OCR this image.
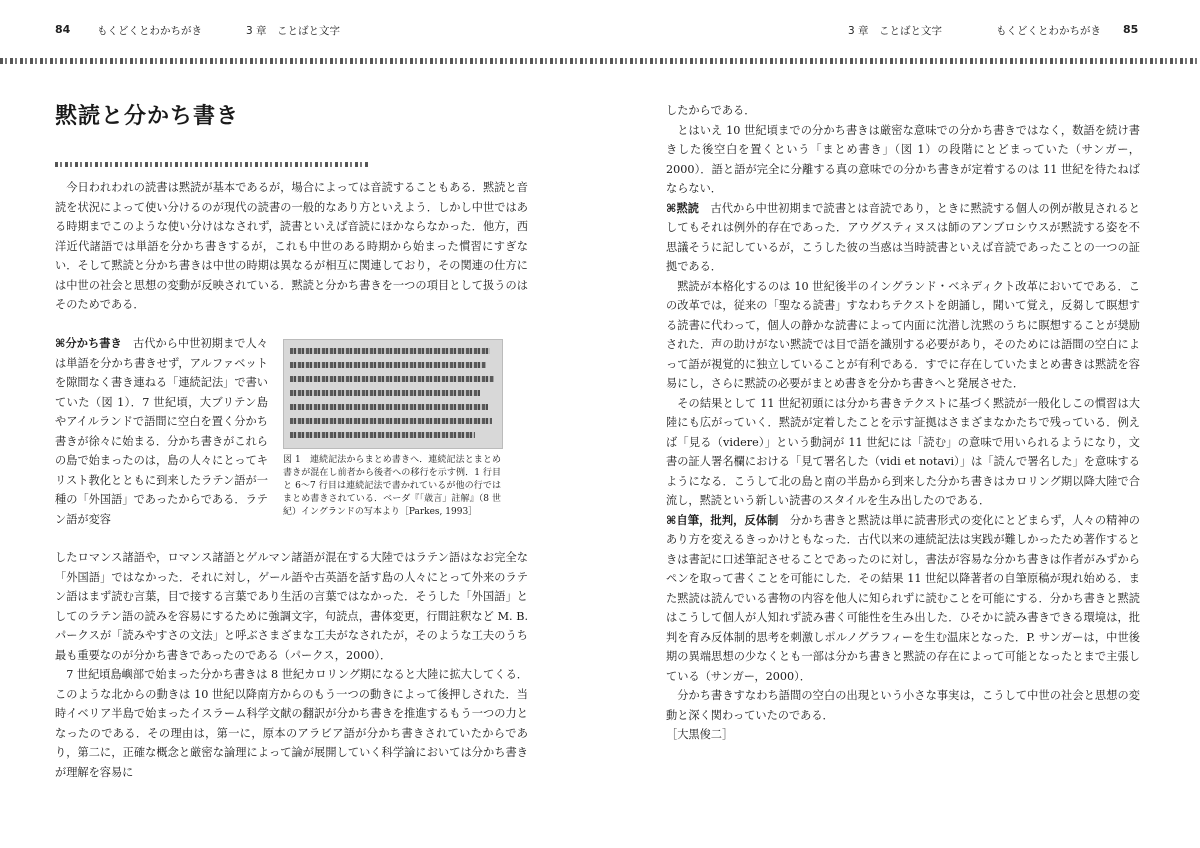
84	もくどくとわかちがき	3 章　ことばと文字	3 章　ことばと文字	もくどくとわかちがき 85
黙読と分かち書き

今日われわれの読書は黙読が基本であるが，場合によっては音読することもある．黙読と音読を状況によって使い分けるのが現代の読書の一般的なあり方といえよう．しかし中世ではある時期までこのような使い分けはなされず，読書といえば音読にほかならなかった．他方，西洋近代諸語では単語を分かち書きするが，これも中世のある時期から始まった慣習にすぎない．そして黙読と分かち書きは中世の時期は異なるが相互に関連しており，その関連の仕方には中世の社会と思想の変動が反映されている．黙読と分かち書きを一つの項目として扱うのはそのためである．

⌘分かち書き　 古代から中世初期まで人々は単語を分かち書きせず，アルファベットを隙間なく書き連ねる「連続記法」で書いていた（図 1）．7 世紀頃，大ブリテン島やアイルランドで語間に空白を置く分かち書きが徐々に始まる．分かち書きがこれらの島で始まったのは，島の人々にとってキリスト教化とともに到来したラテン語が一種の「外国語」であったからである．ラテン語が変容

したロマンス諸語や，ロマンス諸語とゲルマン諸語が混在する大陸ではラテン語はなお完全な「外国語」ではなかった．それに対し，ゲール語や古英語を話す島の人々にとって外来のラテン語はまず読む言葉，目で接する言葉であり生活の言葉ではなかった．そうした「外国語」としてのラテン語の読みを容易にするために強調文字，句読点，書体変更，行間註釈など M. B. パークスが「読みやすさの文法」と呼ぶさまざまな工夫がなされたが，そのような工夫のうち最も重要なのが分かち書きであったのである（パークス，2000）．

7 世紀頃島嶼部で始まった分かち書きは 8 世紀カロリング期になると大陸に拡大してくる．このような北からの動きは 10 世紀以降南方からのもう一つの動きによって後押しされた．当時イベリア半島で始まったイスラーム科学文献の翻訳が分かち書きを推進するもう一つの力となったのである．その理由は，第一に，原本のアラビア語が分かち書きされていたからであり，第二に，正確な概念と厳密な論理によって論が展開していく科学論においては分かち書きが理解を容易に

図 1　連続記法からまとめ書きへ．連続記法とまとめ書きが混在し前者から後者への移行を示す例．1 行目と 6〜7 行目は連続記法で書かれているが他の行ではまとめ書きされている．ベーダ『「歳言」註解』（8 世紀）イングランドの写本より［Parkes, 1993］

したからである．

とはいえ 10 世紀頃までの分かち書きは厳密な意味での分かち書きではなく，数語を続け書きした後空白を置くという「まとめ書き」（図 1）の段階にとどまっていた（サンガー，2000）．語と語が完全に分離する真の意味での分かち書きが定着するのは 11 世紀を待たねばならない．

⌘黙読　 古代から中世初期まで読書とは音読であり，ときに黙読する個人の例が散見されるとしてもそれは例外的存在であった．アウグスティヌスは師のアンブロシウスが黙読する姿を不思議そうに記しているが，こうした彼の当惑は当時読書といえば音読であったことの一つの証拠である．

黙読が本格化するのは 10 世紀後半のイングランド・ベネディクト改革においてである．この改革では，従来の「聖なる読書」すなわちテクストを朗誦し，聞いて覚え，反芻して瞑想する読書に代わって，個人の静かな読書によって内面に沈潜し沈黙のうちに瞑想することが奨励された．声の助けがない黙読では目で語を識別する必要があり，そのためには語間の空白によって語が視覚的に独立していることが有利である．すでに存在していたまとめ書きは黙読を容易にし，さらに黙読の必要がまとめ書きを分かち書きへと発展させた．

その結果として 11 世紀初頭には分かち書きテクストに基づく黙読が一般化しこの慣習は大陸にも広がっていく．黙読が定着したことを示す証拠はさまざまなかたちで残っている．例えば「見る（videre）」という動詞が 11 世紀には「読む」の意味で用いられるようになり，文書の証人署名欄における「見て署名した（vidi et notavi）」は「読んで署名した」を意味するようになる．こうして北の島と南の半島から到来した分かち書きはカロリング期以降大陸で合流し，黙読という新しい読書のスタイルを生み出したのである．

⌘自筆，批判，反体制　 分かち書きと黙読は単に読書形式の変化にとどまらず，人々の精神のあり方を変えるきっかけともなった．古代以来の連続記法は実践が難しかったため著作するときは書記に口述筆記させることであったのに対し，書法が容易な分かち書きは作者がみずからペンを取って書くことを可能にした．その結果 11 世紀以降著者の自筆原稿が現れ始める．また黙読は読んでいる書物の内容を他人に知られずに読むことを可能にする．分かち書きと黙読はこうして個人が人知れず読み書く可能性を生み出した．ひそかに読み書きできる環境は，批判を育み反体制的思考を刺激しポルノグラフィーを生む温床となった．P. サンガーは，中世後期の異端思想の少なくとも一部は分かち書きと黙読の存在によって可能となったとまで主張している（サンガー，2000）．

分かち書きすなわち語間の空白の出現という小さな事実は，こうして中世の社会と思想の変動と深く関わっていたのである．

［大黒俊二］
